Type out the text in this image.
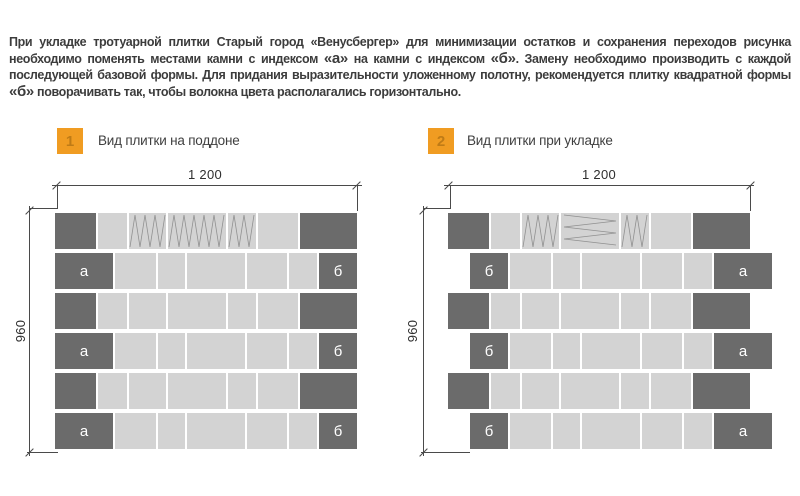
При укладке тротуарной плитки Старый город «Венусбергер» для минимизации остатков и сохранения переходов рисунка необходимо поменять местами камни с индексом «а» на камни с индексом «б». Замену необходимо производить с каждой последующей базовой формы. Для придания выразительности уложенному полотну, рекомендуется плитку квадратной формы «б» поворачивать так, чтобы волокна цвета располагались горизонтально.

1	Вид плитки на поддоне	2	Вид плитки при укладке
1 200
960
а	б
а	б
а	б
1 200
960
б	а
б	а
б	а
